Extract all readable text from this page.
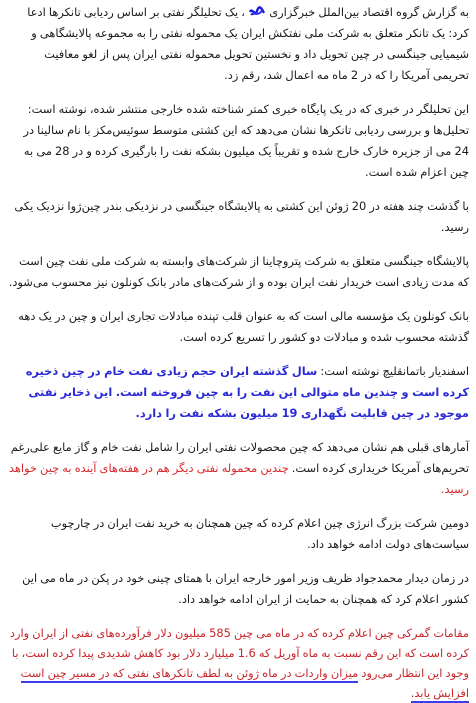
به گزارش گروه اقتصاد بین‌الملل خبرگزاری  ، یک تحلیلگر نفتی بر اساس ردیابی تانکرها ادعا کرد: یک تانکر متعلق به شرکت ملی نفتکش ایران یک محموله نفتی را به مجموعه پالایشگاهی و شیمیایی جینگسی در چین تحویل داد و نخستین تحویل محموله نفتی ایران پس از لغو معافیت تحریمی آمریکا را که در 2 ماه مه اعمال شد، رقم زد.

این تحلیلگر در خبری که در یک پایگاه خبری کمتر شناخته شده خارجی منتشر شده، نوشته است: تحلیل‌ها و بررسی ردیابی تانکرها نشان می‌دهد که این کشتی متوسط سوئیس‌مکز با نام سالینا در 24 می از جزیره خارک خارج شده و تقریباً یک میلیون بشکه نفت را بارگیری کرده و در 28 می به چین اعزام شده است.

با گذشت چند هفته در 20 ژوئن این کشتی به پالایشگاه جینگسی در نزدیکی بندر چین‌ژوا نزدیک یکی رسید.

پالایشگاه جینگسی متعلق به شرکت پتروچاینا از شرکت‌های وابسته به شرکت ملی نفت چین است که مدت زیادی است خریدار نفت ایران بوده و از شرکت‌های مادر بانک کونلون نیز محسوب می‌شود.

بانک کونلون یک مؤسسه مالی است که به عنوان قلب تپنده مبادلات تجاری ایران و چین در یک دهه گذشته محسوب شده و مبادلات دو کشور را تسریع کرده است.

اسفندیار باتمانقلیچ نوشته است: سال گذشته ایران حجم زیادی نفت خام در چین ذخیره کرده است و چندین ماه متوالی این نفت را به چین فروخته است. این ذخایر نفتی موجود در چین قابلیت نگهداری 19 میلیون بشکه نفت را دارد.

آمارهای قبلی هم نشان می‌دهد که چین محصولات نفتی ایران را شامل نفت خام و گاز مایع علی‌رغم تحریم‌های آمریکا خریداری کرده است. چندین محموله نفتی دیگر هم در هفته‌های آینده به چین خواهد رسید.

دومین شرکت بزرگ انرژی چین اعلام کرده که چین همچنان به خرید نفت ایران در چارچوب سیاست‌های دولت ادامه خواهد داد.

در زمان دیدار محمدجواد ظریف وزیر امور خارجه ایران با همتای چینی خود در پکن در ماه می این کشور اعلام کرد که همچنان به حمایت از ایران ادامه خواهد داد.

مقامات گمرکی چین اعلام کرده که در ماه می چین 585 میلیون دلار فرآورده‌های نفتی از ایران وارد کرده است که این رقم نسبت به ماه آوریل که 1.6 میلیارد دلار بود کاهش شدیدی پیدا کرده است، با وجود این انتظار می‌رود میزان واردات در ماه ژوئن به لطف تانکرهای نفتی که در مسیر چین است افزایش یابد.
